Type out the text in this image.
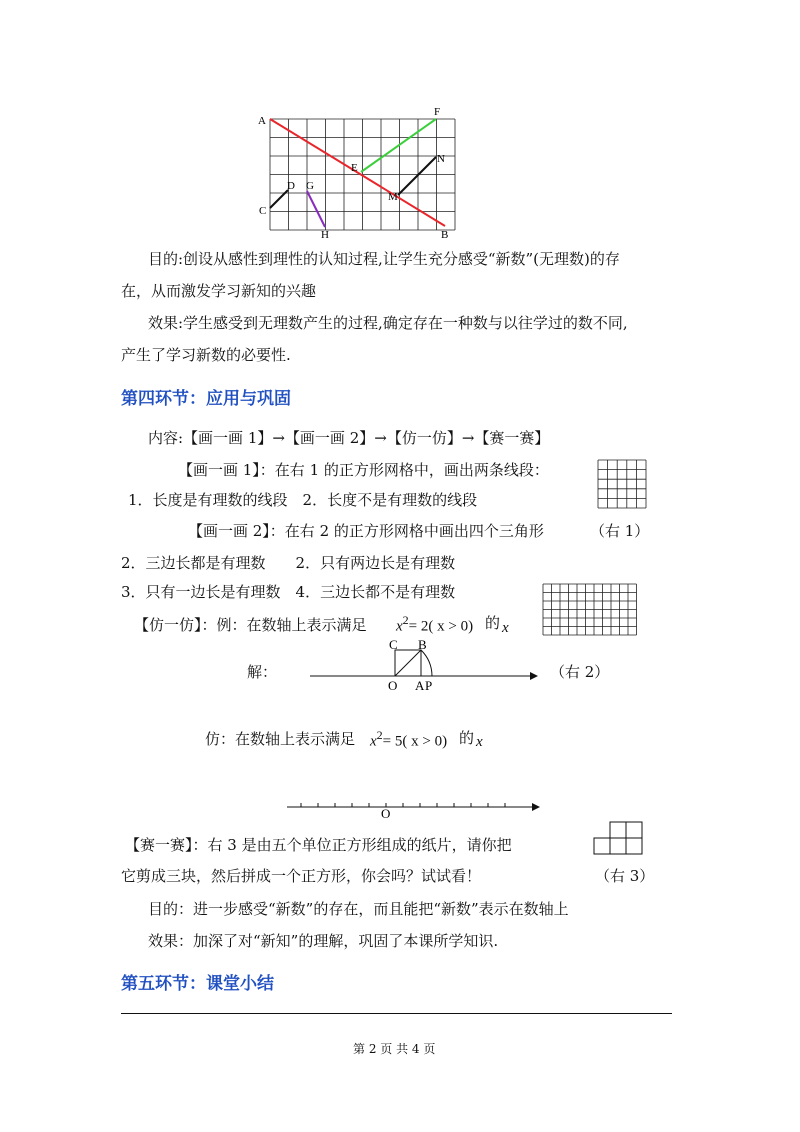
A
B
C
D
E
F
G
H
M
N
目的:创设从感性到理性的认知过程,让学生充分感受“新数”(无理数)的存
在，从而激发学习新知的兴趣
效果:学生感受到无理数产生的过程,确定存在一种数与以往学过的数不同,
产生了学习新数的必要性.
第四环节：应用与巩固
内容:【画一画 1】→【画一画 2】→【仿一仿】→【赛一赛】
【画一画 1】：在右 1 的正方形网格中，画出两条线段：
1．长度是有理数的线段　2．长度不是有理数的线段
【画一画 2】：在右 2 的正方形网格中画出四个三角形	（右 1）
2．三边长都是有理数　　2．只有两边长是有理数
3．只有一边长是有理数　4．三边长都不是有理数
【仿一仿】：例：在数轴上表示满足 $x^2= 2$( x > 0) 的 x
解：
C B
O A P
（右 2）
仿：在数轴上表示满足 $x^2= 5$( x > 0) 的 x
O
【赛一赛】：右 3 是由五个单位正方形组成的纸片，请你把
它剪成三块，然后拼成一个正方形，你会吗？试试看！	（右 3）
目的：进一步感受“新数”的存在，而且能把“新数”表示在数轴上
效果：加深了对“新知”的理解，巩固了本课所学知识.
第五环节：课堂小结
第 2 页 共 4 页
